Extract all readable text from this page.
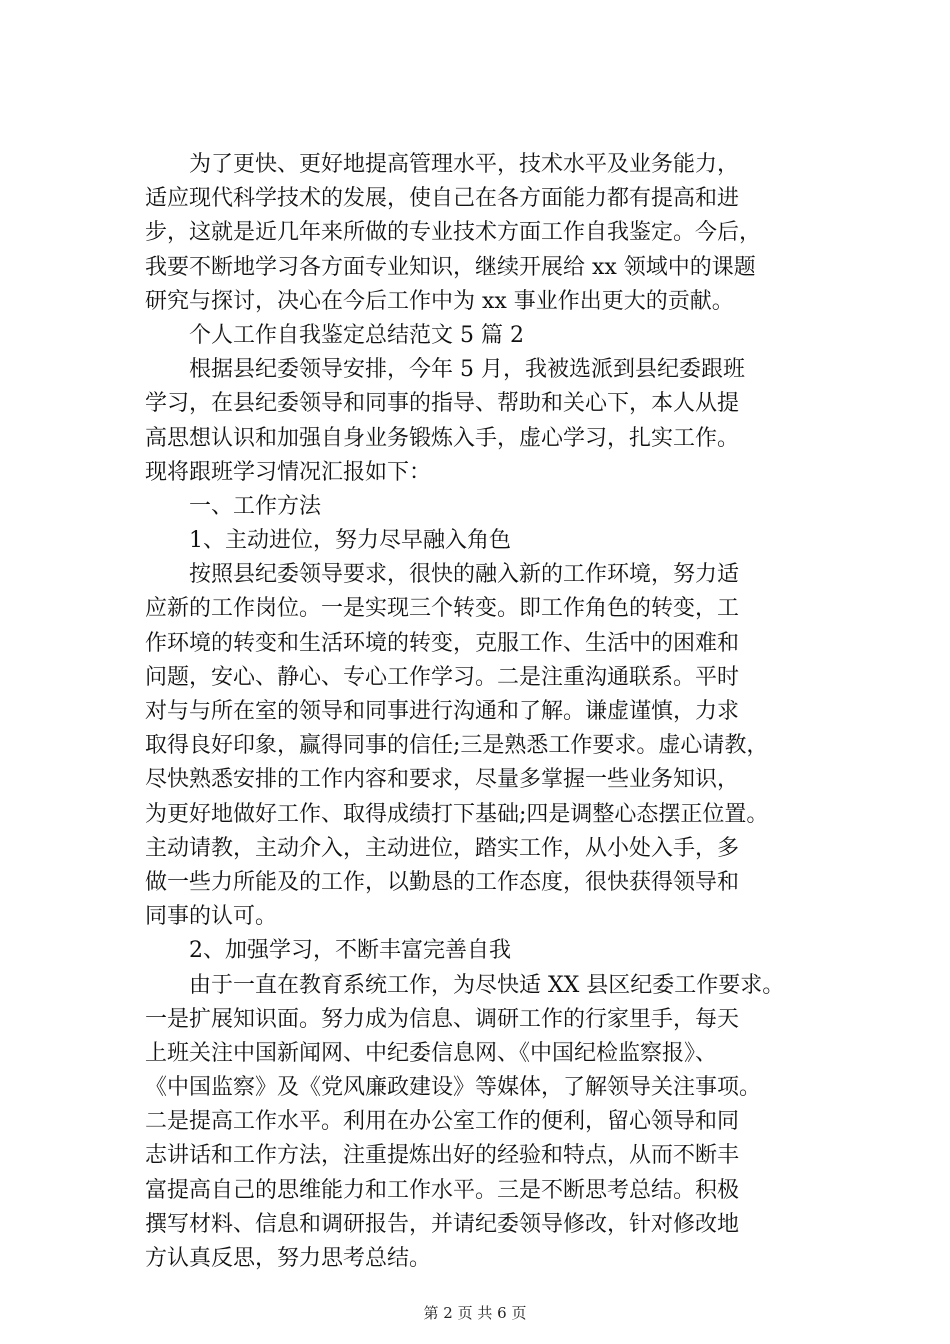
为了更快、更好地提高管理水平，技术水平及业务能力，
适应现代科学技术的发展，使自己在各方面能力都有提高和进
步，这就是近几年来所做的专业技术方面工作自我鉴定。今后，
我要不断地学习各方面专业知识，继续开展给 xx 领域中的课题
研究与探讨，决心在今后工作中为 xx 事业作出更大的贡献。
个人工作自我鉴定总结范文 5 篇 2
根据县纪委领导安排，今年 5 月，我被选派到县纪委跟班
学习，在县纪委领导和同事的指导、帮助和关心下，本人从提
高思想认识和加强自身业务锻炼入手，虚心学习，扎实工作。
现将跟班学习情况汇报如下：
一、工作方法
1、主动进位，努力尽早融入角色
按照县纪委领导要求，很快的融入新的工作环境，努力适
应新的工作岗位。一是实现三个转变。即工作角色的转变，工
作环境的转变和生活环境的转变，克服工作、生活中的困难和
问题，安心、静心、专心工作学习。二是注重沟通联系。平时
对与与所在室的领导和同事进行沟通和了解。谦虚谨慎，力求
取得良好印象，赢得同事的信任;三是熟悉工作要求。虚心请教，
尽快熟悉安排的工作内容和要求，尽量多掌握一些业务知识，
为更好地做好工作、取得成绩打下基础;四是调整心态摆正位置。
主动请教，主动介入，主动进位，踏实工作，从小处入手，多
做一些力所能及的工作，以勤恳的工作态度，很快获得领导和
同事的认可。
2、加强学习，不断丰富完善自我
由于一直在教育系统工作，为尽快适 XX 县区纪委工作要求。
一是扩展知识面。努力成为信息、调研工作的行家里手，每天
上班关注中国新闻网、中纪委信息网、《中国纪检监察报》、
《中国监察》及《党风廉政建设》等媒体，了解领导关注事项。
二是提高工作水平。利用在办公室工作的便利，留心领导和同
志讲话和工作方法，注重提炼出好的经验和特点，从而不断丰
富提高自己的思维能力和工作水平。三是不断思考总结。积极
撰写材料、信息和调研报告，并请纪委领导修改，针对修改地
方认真反思，努力思考总结。
第 2 页 共 6 页
